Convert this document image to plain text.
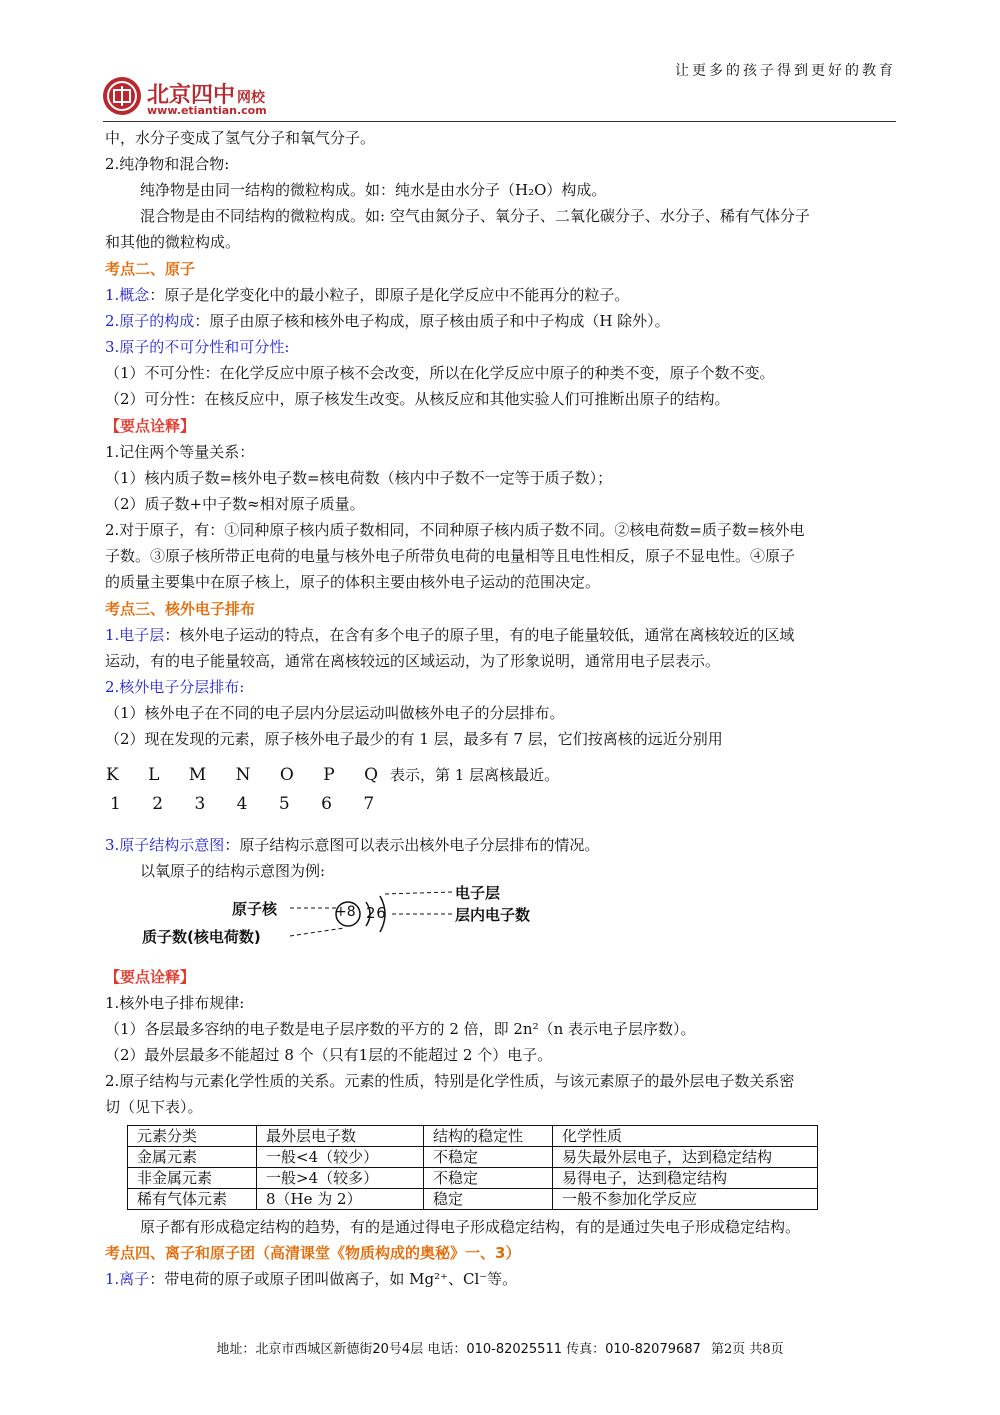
让更多的孩子得到更好的教育
北京四中 网校
www.etiantian.com
中，水分子变成了氢气分子和氧气分子。
2.纯净物和混合物:
纯净物是由同一结构的微粒构成。如：纯水是由水分子（H₂O）构成。
混合物是由不同结构的微粒构成。如: 空气由氮分子、氧分子、二氧化碳分子、水分子、稀有气体分子
和其他的微粒构成。
考点二、原子
1.概念：原子是化学变化中的最小粒子，即原子是化学反应中不能再分的粒子。
2.原子的构成：原子由原子核和核外电子构成，原子核由质子和中子构成（H 除外）。
3.原子的不可分性和可分性:
（1）不可分性：在化学反应中原子核不会改变，所以在化学反应中原子的种类不变，原子个数不变。
（2）可分性：在核反应中，原子核发生改变。从核反应和其他实验人们可推断出原子的结构。
【要点诠释】
1.记住两个等量关系：
（1）核内质子数=核外电子数=核电荷数（核内中子数不一定等于质子数）；
（2）质子数+中子数≈相对原子质量。
2.对于原子，有：①同种原子核内质子数相同，不同种原子核内质子数不同。②核电荷数=质子数=核外电
子数。③原子核所带正电荷的电量与核外电子所带负电荷的电量相等且电性相反，原子不显电性。④原子
的质量主要集中在原子核上，原子的体积主要由核外电子运动的范围决定。
考点三、核外电子排布
1.电子层：核外电子运动的特点，在含有多个电子的原子里，有的电子能量较低，通常在离核较近的区域
运动，有的电子能量较高，通常在离核较远的区域运动，为了形象说明，通常用电子层表示。
2.核外电子分层排布:
（1）核外电子在不同的电子层内分层运动叫做核外电子的分层排布。
（2）现在发现的元素，原子核外电子最少的有 1 层，最多有 7 层，它们按离核的远近分别用
K L M N O P Q表示，第 1 层离核最近。
1 2 3 4 5 6 7
3.原子结构示意图：原子结构示意图可以表示出核外电子分层排布的情况。
以氧原子的结构示意图为例:
+8 2 6
电子层
层内电子数
原子核
质子数(核电荷数)
【要点诠释】
1.核外电子排布规律:
（1）各层最多容纳的电子数是电子层序数的平方的 2 倍，即 2n²（n 表示电子层序数）。
（2）最外层最多不能超过 8 个（只有1层的不能超过 2 个）电子。
2.原子结构与元素化学性质的关系。元素的性质，特别是化学性质，与该元素原子的最外层电子数关系密
切（见下表）。
元素分类	最外层电子数	结构的稳定性	化学性质
金属元素	一般<4（较少）	不稳定	易失最外层电子，达到稳定结构
非金属元素	一般>4（较多）	不稳定	易得电子，达到稳定结构
稀有气体元素	8（He 为 2）	稳定	一般不参加化学反应
原子都有形成稳定结构的趋势，有的是通过得电子形成稳定结构，有的是通过失电子形成稳定结构。
考点四、离子和原子团（高清课堂《物质构成的奥秘》一、3）
1.离子：带电荷的原子或原子团叫做离子，如 Mg²⁺、Cl⁻等。
地址：北京市西城区新德街20号4层 电话：010-82025511 传真：010-82079687 第2页 共8页
